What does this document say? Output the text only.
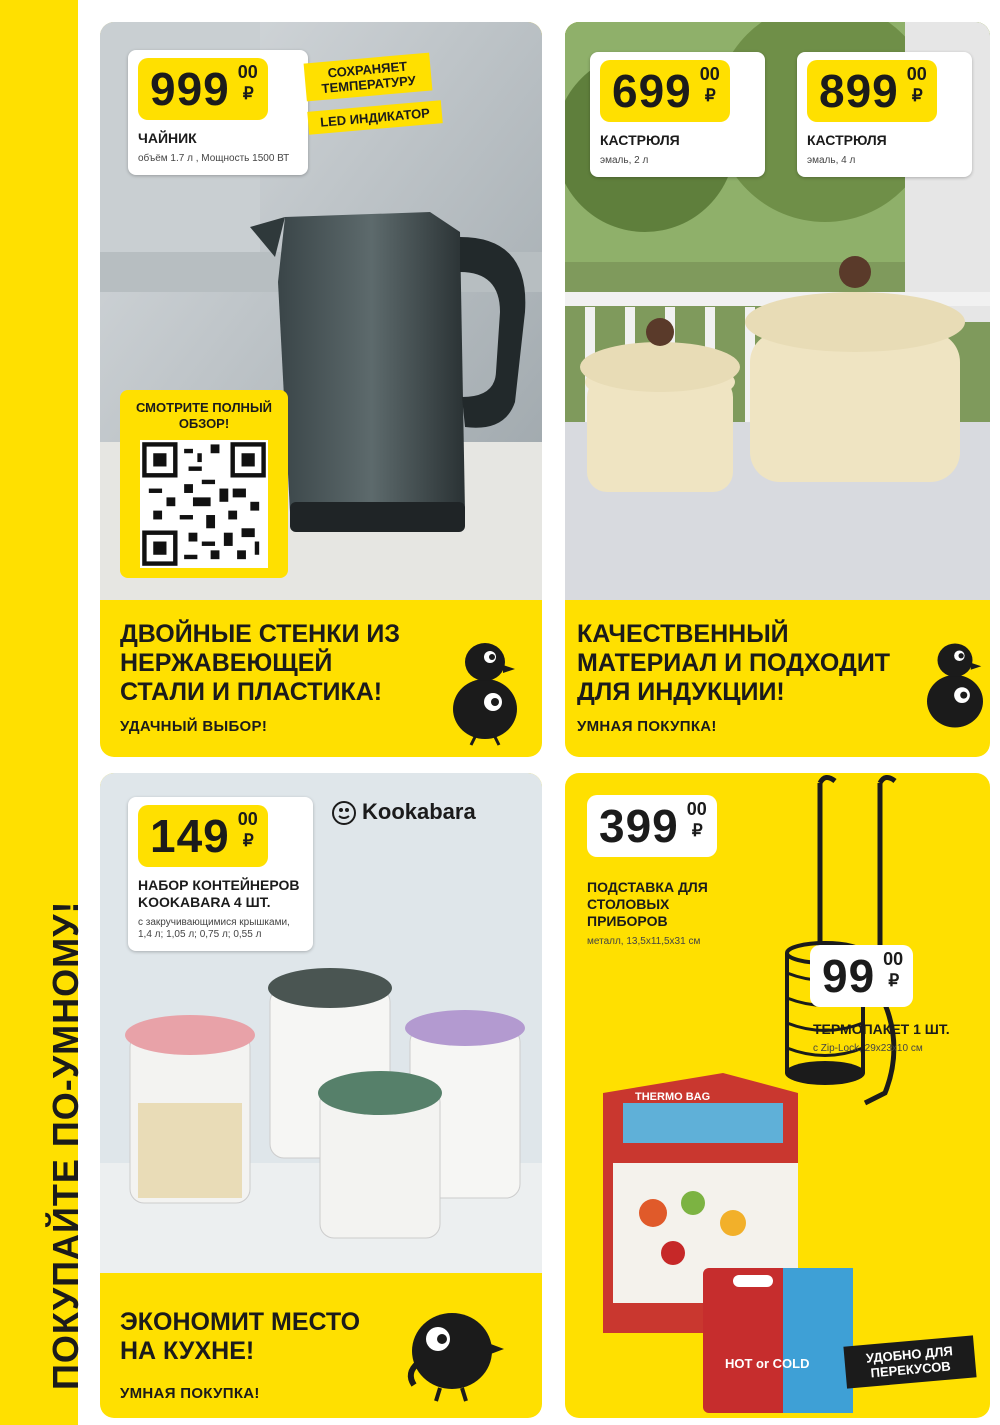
ПОКУПАЙТЕ ПО-УМНОМУ!
999 00
₽
ЧАЙНИК
объём 1.7 л , Мощность 1500 ВТ
СОХРАНЯЕТ ТЕМПЕРАТУРУ
LED ИНДИКАТОР
СМОТРИТЕ ПОЛНЫЙ ОБЗОР!
ДВОЙНЫЕ СТЕНКИ ИЗ НЕРЖАВЕЮЩЕЙ СТАЛИ И ПЛАСТИКА!
УДАЧНЫЙ ВЫБОР!
699 00
₽
КАСТРЮЛЯ
эмаль, 2 л
899 00
₽
КАСТРЮЛЯ
эмаль, 4 л
КАЧЕСТВЕННЫЙ МАТЕРИАЛ И ПОДХОДИТ ДЛЯ ИНДУКЦИИ!
УМНАЯ ПОКУПКА!
149 00
₽
НАБОР КОНТЕЙНЕРОВ KOOKABARA 4 ШТ.
с закручивающимися крышками, 1,4 л; 1,05 л; 0,75 л; 0,55 л
Kookabara
ЭКОНОМИТ МЕСТО НА КУХНЕ!
УМНАЯ ПОКУПКА!
399 00
₽
ПОДСТАВКА ДЛЯ СТОЛОВЫХ ПРИБОРОВ
металл, 13,5х11,5х31 см
THERMO BAG
HOT or COLD
99 00
₽
ТЕРМОПАКЕТ 1 ШТ.
с Zip-Lock, 29х23х10 см
УДОБНО ДЛЯ ПЕРЕКУСОВ
